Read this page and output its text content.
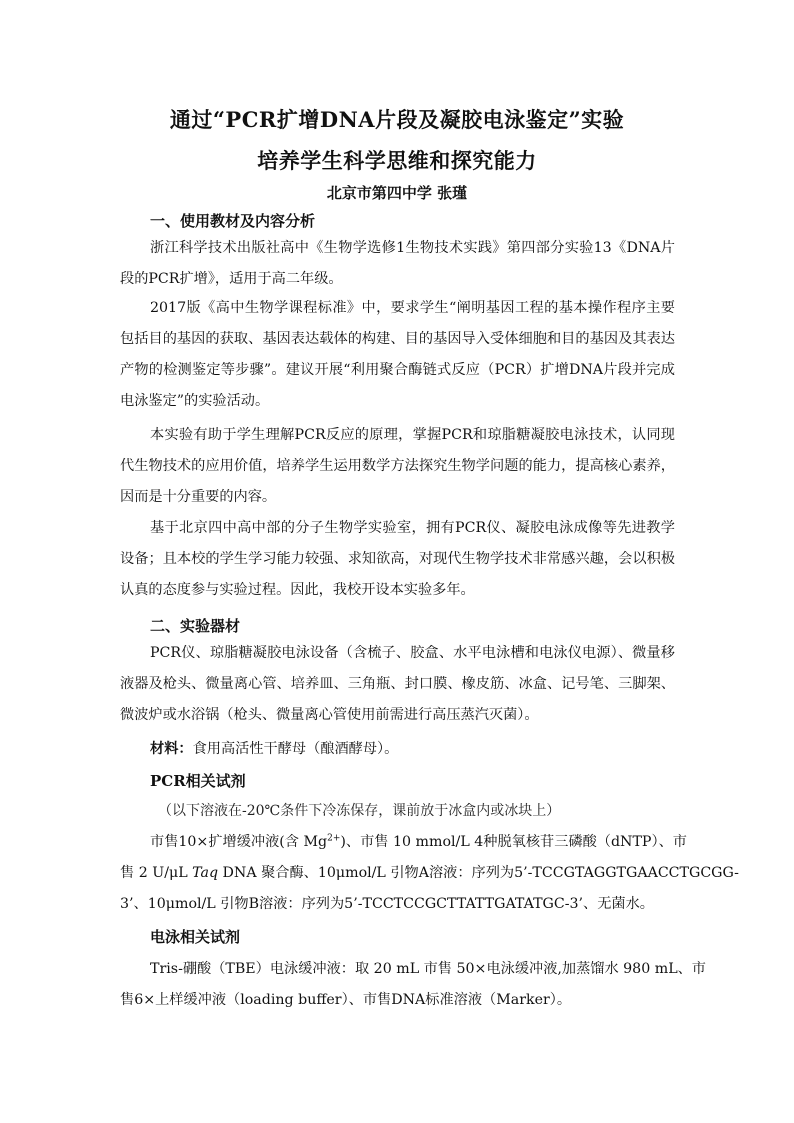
通过“PCR扩增DNA片段及凝胶电泳鉴定”实验
培养学生科学思维和探究能力
北京市第四中学 张瑾
一、使用教材及内容分析

浙江科学技术出版社高中《生物学选修1生物技术实践》第四部分实验13《DNA片段的PCR扩增》，适用于高二年级。

2017版《高中生物学课程标准》中，要求学生“阐明基因工程的基本操作程序主要包括目的基因的获取、基因表达载体的构建、目的基因导入受体细胞和目的基因及其表达产物的检测鉴定等步骤”。建议开展“利用聚合酶链式反应（PCR）扩增DNA片段并完成电泳鉴定”的实验活动。

本实验有助于学生理解PCR反应的原理，掌握PCR和琼脂糖凝胶电泳技术，认同现代生物技术的应用价值，培养学生运用数学方法探究生物学问题的能力，提高核心素养，因而是十分重要的内容。

基于北京四中高中部的分子生物学实验室，拥有PCR仪、凝胶电泳成像等先进教学设备；且本校的学生学习能力较强、求知欲高，对现代生物学技术非常感兴趣，会以积极认真的态度参与实验过程。因此，我校开设本实验多年。

二、实验器材

PCR仪、琼脂糖凝胶电泳设备（含梳子、胶盒、水平电泳槽和电泳仪电源）、微量移液器及枪头、微量离心管、培养皿、三角瓶、封口膜、橡皮筋、冰盒、记号笔、三脚架、微波炉或水浴锅（枪头、微量离心管使用前需进行高压蒸汽灭菌）。

材料：食用高活性干酵母（酿酒酵母）。
PCR相关试剂
（以下溶液在-20℃条件下冷冻保存，课前放于冰盒内或冰块上）
市售10×扩增缓冲液(含 $Mg^{2+}$)、市售 10 mmol/L 4种脱氧核苷三磷酸（dNTP）、市
售 2 U/μL Taq DNA 聚合酶、10μmol/L 引物A溶液：序列为5’-TCCGTAGGTGAACCTGCGG-
3’、10μmol/L 引物B溶液：序列为5’-TCCTCCGCTTATTGATATGC-3’、无菌水。
电泳相关试剂
Tris-硼酸（TBE）电泳缓冲液：取 20 mL 市售 50×电泳缓冲液,加蒸馏水 980 mL、市
售6×上样缓冲液（loading buffer）、市售DNA标准溶液（Marker）。
